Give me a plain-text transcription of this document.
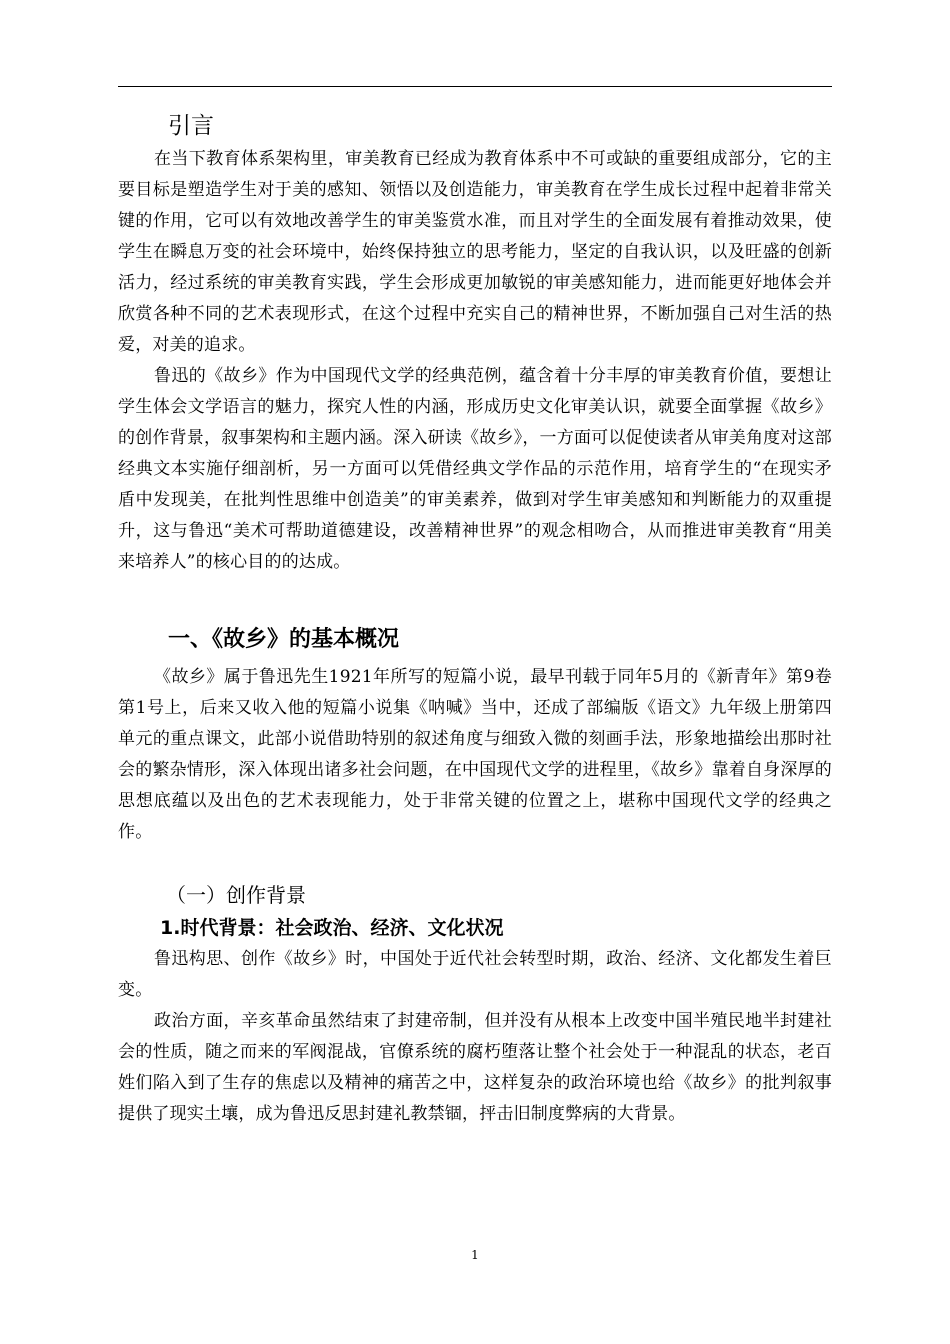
引言

在当下教育体系架构里，审美教育已经成为教育体系中不可或缺的重要组成部分，它的主要目标是塑造学生对于美的感知、领悟以及创造能力，审美教育在学生成长过程中起着非常关键的作用，它可以有效地改善学生的审美鉴赏水准，而且对学生的全面发展有着推动效果，使学生在瞬息万变的社会环境中，始终保持独立的思考能力，坚定的自我认识，以及旺盛的创新活力，经过系统的审美教育实践，学生会形成更加敏锐的审美感知能力，进而能更好地体会并欣赏各种不同的艺术表现形式，在这个过程中充实自己的精神世界，不断加强自己对生活的热爱，对美的追求。

鲁迅的《故乡》作为中国现代文学的经典范例，蕴含着十分丰厚的审美教育价值，要想让学生体会文学语言的魅力，探究人性的内涵，形成历史文化审美认识，就要全面掌握《故乡》的创作背景，叙事架构和主题内涵。深入研读《故乡》，一方面可以促使读者从审美角度对这部经典文本实施仔细剖析，另一方面可以凭借经典文学作品的示范作用，培育学生的“在现实矛盾中发现美，在批判性思维中创造美”的审美素养，做到对学生审美感知和判断能力的双重提升，这与鲁迅“美术可帮助道德建设，改善精神世界”的观念相吻合，从而推进审美教育“用美来培养人”的核心目的的达成。

一、《故乡》的基本概况

《故乡》属于鲁迅先生1921年所写的短篇小说，最早刊载于同年5月的《新青年》第9卷第1号上，后来又收入他的短篇小说集《呐喊》当中，还成了部编版《语文》九年级上册第四单元的重点课文，此部小说借助特别的叙述角度与细致入微的刻画手法，形象地描绘出那时社会的繁杂情形，深入体现出诸多社会问题，在中国现代文学的进程里，《故乡》靠着自身深厚的思想底蕴以及出色的艺术表现能力，处于非常关键的位置之上，堪称中国现代文学的经典之作。

（一）创作背景
1.时代背景：社会政治、经济、文化状况

鲁迅构思、创作《故乡》时，中国处于近代社会转型时期，政治、经济、文化都发生着巨变。

政治方面，辛亥革命虽然结束了封建帝制，但并没有从根本上改变中国半殖民地半封建社会的性质，随之而来的军阀混战，官僚系统的腐朽堕落让整个社会处于一种混乱的状态，老百姓们陷入到了生存的焦虑以及精神的痛苦之中，这样复杂的政治环境也给《故乡》的批判叙事提供了现实土壤，成为鲁迅反思封建礼教禁锢，抨击旧制度弊病的大背景。

1
